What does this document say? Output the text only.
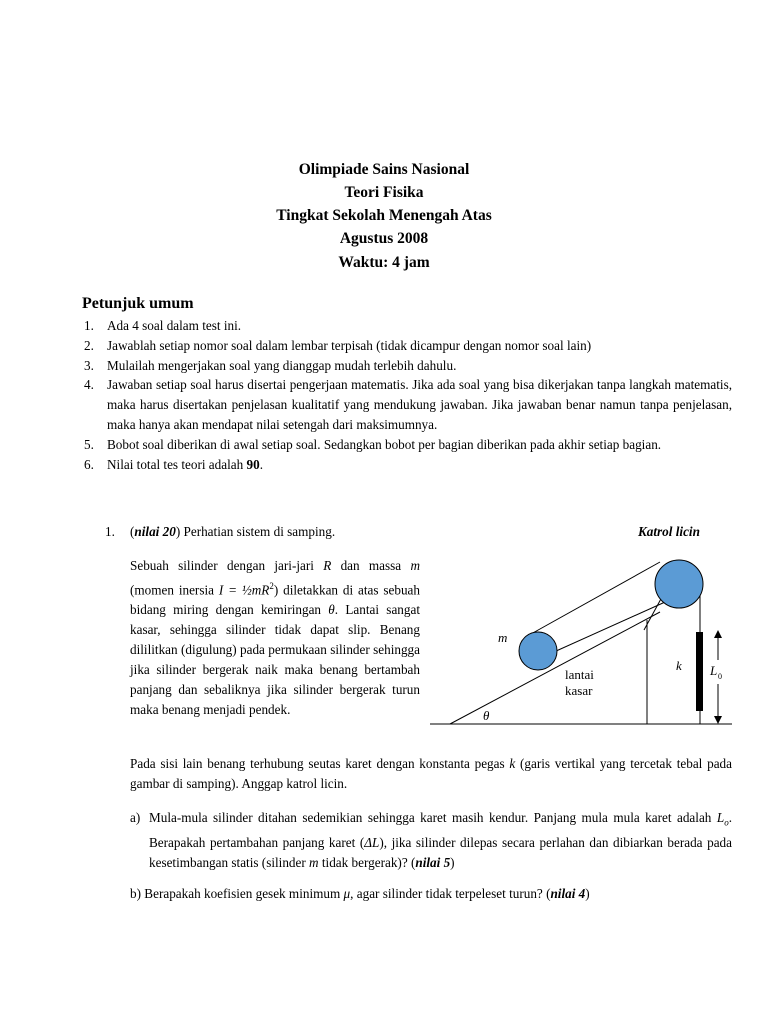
Olimpiade Sains Nasional
Teori Fisika
Tingkat Sekolah Menengah Atas
Agustus 2008
Waktu: 4 jam
Petunjuk umum
1. Ada 4 soal dalam test ini.
2. Jawablah setiap nomor soal dalam lembar terpisah (tidak dicampur dengan nomor soal lain)
3. Mulailah mengerjakan soal yang dianggap mudah terlebih dahulu.
4. Jawaban setiap soal harus disertai pengerjaan matematis. Jika ada soal yang bisa dikerjakan tanpa langkah matematis, maka harus disertakan penjelasan kualitatif yang mendukung jawaban. Jika jawaban benar namun tanpa penjelasan, maka hanya akan mendapat nilai setengah dari maksimumnya.
5. Bobot soal diberikan di awal setiap soal. Sedangkan bobot per bagian diberikan pada akhir setiap bagian.
6. Nilai total tes teori adalah 90.
1. (nilai 20) Perhatian sistem di samping.	Katrol licin
Sebuah silinder dengan jari-jari R dan massa m (momen inersia $I = \frac{1}{2}mR^2$) diletakkan di atas sebuah bidang miring dengan kemiringan θ. Lantai sangat kasar, sehingga silinder tidak dapat slip. Benang dililitkan (digulung) pada permukaan silinder sehingga jika silinder bergerak naik maka benang bertambah panjang dan sebaliknya jika silinder bergerak turun maka benang menjadi pendek.
m
lantai
kasar
k L 0
θ
Pada sisi lain benang terhubung seutas karet dengan konstanta pegas k (garis vertikal yang tercetak tebal pada gambar di samping). Anggap katrol licin.
a) Mula-mula silinder ditahan sedemikian sehingga karet masih kendur. Panjang mula mula karet adalah $L_o$. Berapakah pertambahan panjang karet (ΔL), jika silinder dilepas secara perlahan dan dibiarkan berada pada kesetimbangan statis (silinder m tidak bergerak)? (nilai 5)
b) Berapakah koefisien gesek minimum μ, agar silinder tidak terpeleset turun? (nilai 4)
